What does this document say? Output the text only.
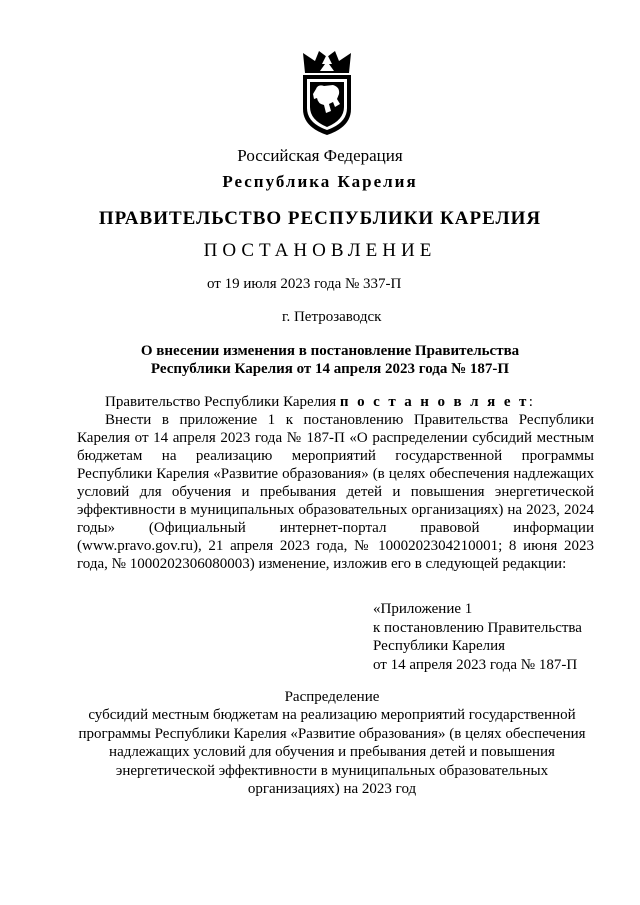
Российская Федерация
Республика Карелия
ПРАВИТЕЛЬСТВО РЕСПУБЛИКИ КАРЕЛИЯ
ПОСТАНОВЛЕНИЕ
от 19 июля 2023 года № 337-П
г. Петрозаводск
О внесении изменения в постановление Правительства
Республики Карелия от 14 апреля 2023 года № 187-П
Правительство Республики Карелия п о с т а н о в л я е т:
Внести в приложение 1 к постановлению Правительства Республики Карелия от 14 апреля 2023 года № 187-П «О распределении субсидий местным бюджетам на реализацию мероприятий государственной программы Республики Карелия «Развитие образования» (в целях обеспечения надлежащих условий для обучения и пребывания детей и повышения энергетической эффективности в муниципальных образовательных организациях) на 2023, 2024 годы» (Официальный интернет-портал правовой информации (www.pravo.gov.ru), 21 апреля 2023 года, № 1000202304210001; 8 июня 2023 года, № 1000202306080003) изменение, изложив его в следующей редакции:
«Приложение 1
к постановлению Правительства
Республики Карелия
от 14 апреля 2023 года № 187-П
Распределение
субсидий местным бюджетам на реализацию мероприятий государственной
программы Республики Карелия «Развитие образования» (в целях обеспечения
надлежащих условий для обучения и пребывания детей и повышения
энергетической эффективности в муниципальных образовательных
организациях) на 2023 год
